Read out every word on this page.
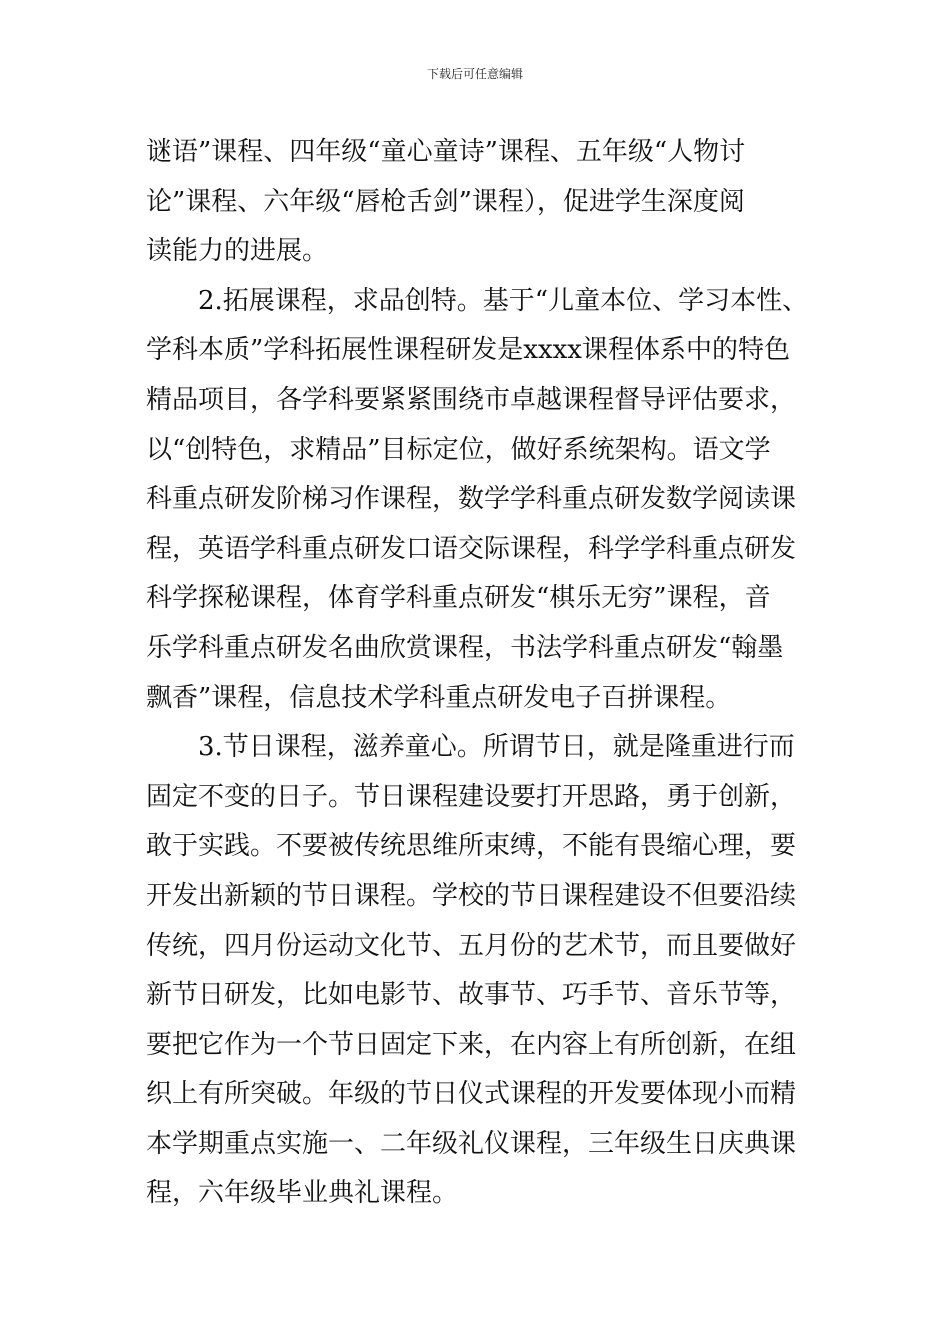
下载后可任意编辑
谜语”课程、四年级“童心童诗”课程、五年级“人物讨
论”课程、六年级“唇枪舌剑”课程），促进学生深度阅
读能力的进展。
2.拓展课程，求品创特。基于“儿童本位、学习本性、
学科本质”学科拓展性课程研发是xxxx课程体系中的特色
精品项目，各学科要紧紧围绕市卓越课程督导评估要求，
以“创特色，求精品”目标定位，做好系统架构。语文学
科重点研发阶梯习作课程，数学学科重点研发数学阅读课
程，英语学科重点研发口语交际课程，科学学科重点研发
科学探秘课程，体育学科重点研发“棋乐无穷”课程，音
乐学科重点研发名曲欣赏课程，书法学科重点研发“翰墨
飘香”课程，信息技术学科重点研发电子百拼课程。
3.节日课程，滋养童心。所谓节日，就是隆重进行而
固定不变的日子。节日课程建设要打开思路，勇于创新，
敢于实践。不要被传统思维所束缚，不能有畏缩心理，要
开发出新颖的节日课程。学校的节日课程建设不但要沿续
传统，四月份运动文化节、五月份的艺术节，而且要做好
新节日研发，比如电影节、故事节、巧手节、音乐节等，
要把它作为一个节日固定下来，在内容上有所创新，在组
织上有所突破。年级的节日仪式课程的开发要体现小而精
本学期重点实施一、二年级礼仪课程，三年级生日庆典课
程，六年级毕业典礼课程。
